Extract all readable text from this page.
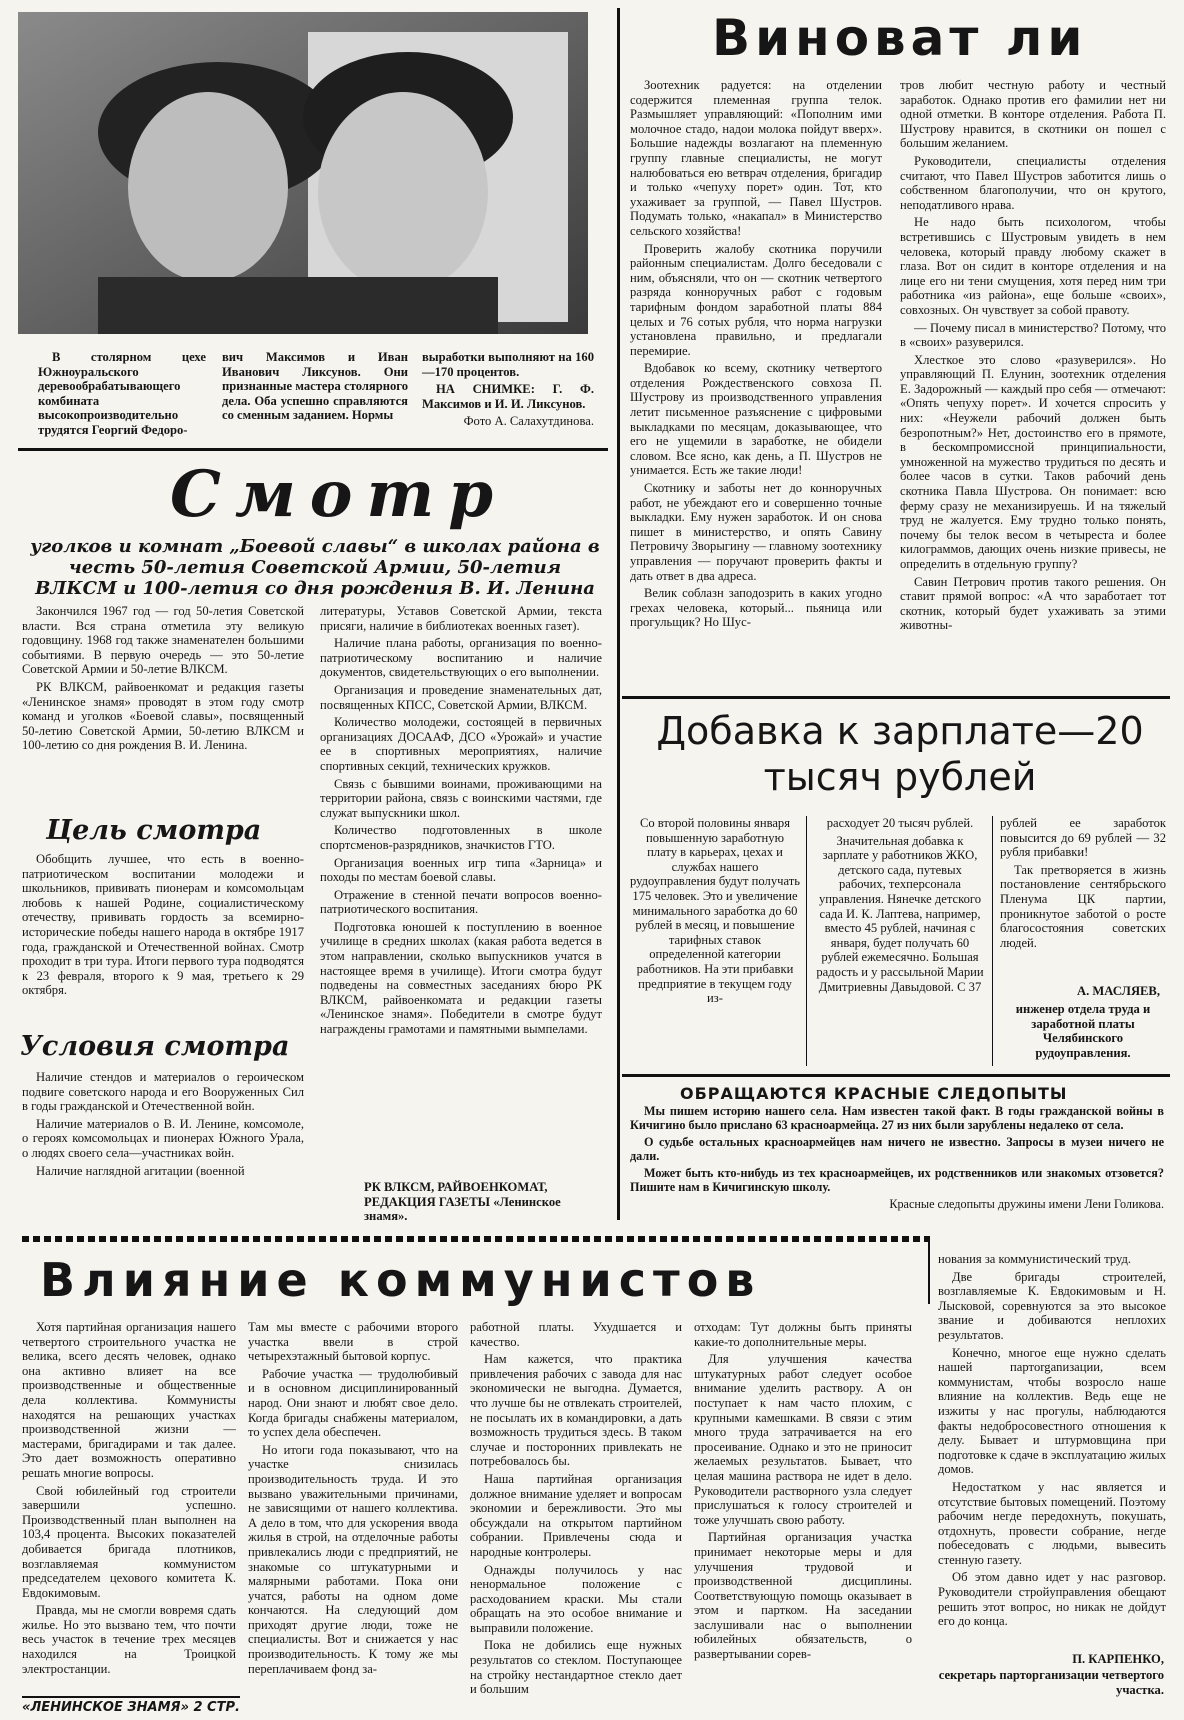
В столярном цехе Южноуральского деревообрабатывающего комбината высокопроизводительно трудятся Георгий Федоро-

вич Максимов и Иван Иванович Ликсунов. Они признанные мастера столярного дела. Оба успешно справляются со сменным заданием. Нормы

выработки выполняют на 160—170 процентов.

НА СНИМКЕ: Г. Ф. Максимов и И. И. Ликсунов.

Фото А. Салахутдинова.

Смотр
уголков и комнат „Боевой славы“ в школах района в честь 50-летия Советской Армии, 50-летия ВЛКСМ и 100-летия со дня рождения В. И. Ленина

Закончился 1967 год — год 50-летия Советской власти. Вся страна отметила эту великую годовщину. 1968 год также знаменателен большими событиями. В первую очередь — это 50-летие Советской Армии и 50-летие ВЛКСМ.

РК ВЛКСМ, райвоенкомат и редакция газеты «Ленинское знамя» проводят в этом году смотр команд и уголков «Боевой славы», посвященный 50-летию Советской Армии, 50-летию ВЛКСМ и 100-летию со дня рождения В. И. Ленина.

Цель смотра

Обобщить лучшее, что есть в военно-патриотическом воспитании молодежи и школьников, прививать пионерам и комсомольцам любовь к нашей Родине, социалистическому отечеству, прививать гордость за всемирно-исторические победы нашего народа в октябре 1917 года, гражданской и Отечественной войнах. Смотр проходит в три тура. Итоги первого тура подводятся к 23 февраля, второго к 9 мая, третьего к 29 октября.

Условия смотра

Наличие стендов и материалов о героическом подвиге советского народа и его Вооруженных Сил в годы гражданской и Отечественной войн.

Наличие материалов о В. И. Ленине, комсомоле, о героях комсомольцах и пионерах Южного Урала, о людях своего села—участниках войн.

Наличие наглядной агитации (военной

литературы, Уставов Советской Армии, текста присяги, наличие в библиотеках военных газет).

Наличие плана работы, организация по военно-патриотическому воспитанию и наличие документов, свидетельствующих о его выполнении.

Организация и проведение знаменательных дат, посвященных КПСС, Советской Армии, ВЛКСМ.

Количество молодежи, состоящей в первичных организациях ДОСААФ, ДСО «Урожай» и участие ее в спортивных мероприятиях, наличие спортивных секций, технических кружков.

Связь с бывшими воинами, проживающими на территории района, связь с воинскими частями, где служат выпускники школ.

Количество подготовленных в школе спортсменов-разрядников, значкистов ГТО.

Организация военных игр типа «Зарница» и походы по местам боевой славы.

Отражение в стенной печати вопросов военно-патриотического воспитания.

Подготовка юношей к поступлению в военное училище в средних школах (какая работа ведется в этом направлении, сколько выпускников учатся в настоящее время в училище). Итоги смотра будут подведены на совместных заседаниях бюро РК ВЛКСМ, райвоенкомата и редакции газеты «Ленинское знамя». Победители в смотре будут награждены грамотами и памятными вымпелами.

РК ВЛКСМ, РАЙВОЕНКОМАТ, РЕДАКЦИЯ ГАЗЕТЫ «Ленинское знамя».
Виноват ли

Зоотехник радуется: на отделении содержится племенная группа телок. Размышляет управляющий: «Пополним ими молочное стадо, надои молока пойдут вверх». Большие надежды возлагают на племенную группу главные специалисты, не могут налюбоваться ею ветврач отделения, бригадир и только «чепуху порет» один. Тот, кто ухаживает за группой, — Павел Шустров. Подумать только, «накапал» в Министерство сельского хозяйства!

Проверить жалобу скотника поручили районным специалистам. Долго беседовали с ним, объясняли, что он — скотник четвертого разряда конноручных работ с годовым тарифным фондом заработной платы 884 целых и 76 сотых рубля, что норма нагрузки установлена правильно, и предлагали перемирие.

Вдобавок ко всему, скотнику четвертого отделения Рождественского совхоза П. Шустрову из производственного управления летит письменное разъяснение с цифровыми выкладками по месяцам, доказывающее, что его не ущемили в заработке, не обидели словом. Все ясно, как день, а П. Шустров не унимается. Есть же такие люди!

Скотнику и заботы нет до конноручных работ, не убеждают его и совершенно точные выкладки. Ему нужен заработок. И он снова пишет в министерство, и опять Савину Петровичу Зворыгину — главному зоотехнику управления — поручают проверить факты и дать ответ в два адреса.

Велик соблазн заподозрить в каких угодно грехах человека, который... пьяница или прогульщик? Но Шус-

тров любит честную работу и честный заработок. Однако против его фамилии нет ни одной отметки. В конторе отделения. Работа П. Шустрову нравится, в скотники он пошел с большим желанием.

Руководители, специалисты отделения считают, что Павел Шустров заботится лишь о собственном благополучии, что он крутого, неподатливого нрава.

Не надо быть психологом, чтобы встретившись с Шустровым увидеть в нем человека, который правду любому скажет в глаза. Вот он сидит в конторе отделения и на лице его ни тени смущения, хотя перед ним три работника «из района», еще больше «своих», совхозных. Он чувствует за собой правоту.

— Почему писал в министерство? Потому, что в «своих» разуверился.

Хлесткое это слово «разуверился». Но управляющий П. Елунин, зоотехник отделения Е. Задорожный — каждый про себя — отмечают: «Опять чепуху порет». И хочется спросить у них: «Неужели рабочий должен быть безропотным?» Нет, достоинство его в прямоте, в бескомпромиссной принципиальности, умноженной на мужество трудиться по десять и более часов в сутки. Таков рабочий день скотника Павла Шустрова. Он понимает: всю ферму сразу не механизируешь. И на тяжелый труд не жалуется. Ему трудно только понять, почему бы телок весом в четыреста и более килограммов, дающих очень низкие привесы, не определить в отдельную группу?

Савин Петрович против такого решения. Он ставит прямой вопрос: «А что заработает тот скотник, который будет ухаживать за этими животны-

Добавка к зарплате—20 тысяч рублей

Со второй половины января повышенную заработную плату в карьерах, цехах и службах нашего рудоуправления будут получать 175 человек. Это и увеличение минимального заработка до 60 рублей в месяц, и повышение тарифных ставок определенной категории работников. На эти прибавки предприятие в текущем году из-

расходует 20 тысяч рублей.

Значительная добавка к зарплате у работников ЖКО, детского сада, путевых рабочих, техперсонала управления. Нянечке детского сада И. К. Лаптева, например, вместо 45 рублей, начиная с января, будет получать 60 рублей ежемесячно. Большая радость и у рассыльной Марии Дмитриевны Давыдовой. С 37

рублей ее заработок повысится до 69 рублей — 32 рубля прибавки!

Так претворяется в жизнь постановление сентябрьского Пленума ЦК партии, проникнутое заботой о росте благосостояния советских людей.

А. МАСЛЯЕВ,

инженер отдела труда и заработной платы Челябинского рудоуправления.

ОБРАЩАЮТСЯ КРАСНЫЕ СЛЕДОПЫТЫ

Мы пишем историю нашего села. Нам известен такой факт. В годы гражданской войны в Кичигино было прислано 63 красноармейца. 27 из них были зарублены недалеко от села.

О судьбе остальных красноармейцев нам ничего не известно. Запросы в музеи ничего не дали.

Может быть кто-нибудь из тех красноармейцев, их родственников или знакомых отзовется? Пишите нам в Кичигинскую школу.

Красные следопыты дружины имени Лени Голикова.

Влияние коммунистов

Хотя партийная организация нашего четвертого строительного участка не велика, всего десять человек, однако она активно влияет на все производственные и общественные дела коллектива. Коммунисты находятся на решающих участках производственной жизни — мастерами, бригадирами и так далее. Это дает возможность оперативно решать многие вопросы.

Свой юбилейный год строители завершили успешно. Производственный план выполнен на 103,4 процента. Высоких показателей добивается бригада плотников, возглавляемая коммунистом председателем цехового комитета К. Евдокимовым.

Правда, мы не смогли вовремя сдать жилье. Но это вызвано тем, что почти весь участок в течение трех месяцев находился на Троицкой электростанции.

Там мы вместе с рабочими второго участка ввели в строй четырехэтажный бытовой корпус.

Рабочие участка — трудолюбивый и в основном дисциплинированный народ. Они знают и любят свое дело. Когда бригады снабжены материалом, то успех дела обеспечен.

Но итоги года показывают, что на участке снизилась производительность труда. И это вызвано уважительными причинами, не зависящими от нашего коллектива. А дело в том, что для ускорения ввода жилья в строй, на отделочные работы привлекались люди с предприятий, не знакомые со штукатурными и малярными работами. Пока они учатся, работы на одном доме кончаются. На следующий дом приходят другие люди, тоже не специалисты. Вот и снижается у нас производительность. К тому же мы переплачиваем фонд за-

работной платы. Ухудшается и качество.

Нам кажется, что практика привлечения рабочих с завода для нас экономически не выгодна. Думается, что лучше бы не отвлекать строителей, не посылать их в командировки, а дать возможность трудиться здесь. В таком случае и посторонних привлекать не потребовалось бы.

Наша партийная организация должное внимание уделяет и вопросам экономии и бережливости. Это мы обсуждали на открытом партийном собрании. Привлечены сюда и народные контролеры.

Однажды получилось у нас ненормальное положение с расходованием краски. Мы стали обращать на это особое внимание и выправили положение.

Пока не добились еще нужных результатов со стеклом. Поступающее на стройку нестандартное стекло дает и большим

отходам: Тут должны быть приняты какие-то дополнительные меры.

Для улучшения качества штукатурных работ следует особое внимание уделить раствору. А он поступает к нам часто плохим, с крупными камешками. В связи с этим много труда затрачивается на его просеивание. Однако и это не приносит желаемых результатов. Бывает, что целая машина раствора не идет в дело. Руководители растворного узла следует прислушаться к голосу строителей и тоже улучшать свою работу.

Партийная организация участка принимает некоторые меры и для улучшения трудовой и производственной дисциплины. Соответствующую помощь оказывает в этом и партком. На заседании заслушивали нас о выполнении юбилейных обязательств, о развертывании сорев-

нования за коммунистический труд.

Две бригады строителей, возглавляемые К. Евдокимовым и Н. Лысковой, соревнуются за это высокое звание и добиваются неплохих результатов.

Конечно, многое еще нужно сделать нашей партorganизации, всем коммунистам, чтобы возросло наше влияние на коллектив. Ведь еще не изжиты у нас прогулы, наблюдаются факты недобросовестного отношения к делу. Бывает и штурмовщина при подготовке к сдаче в эксплуатацию жилых домов.

Недостатком у нас является и отсутствие бытовых помещений. Поэтому рабочим негде передохнуть, покушать, отдохнуть, провести собрание, негде побеседовать с людьми, вывесить стенную газету.

Об этом давно идет у нас разговор. Руководители стройуправления обещают решить этот вопрос, но никак не дойдут его до конца.

П. КАРПЕНКО,

секретарь парторганизации четвертого участка.

«ЛЕНИНСКОЕ ЗНАМЯ» 2 СТР.
